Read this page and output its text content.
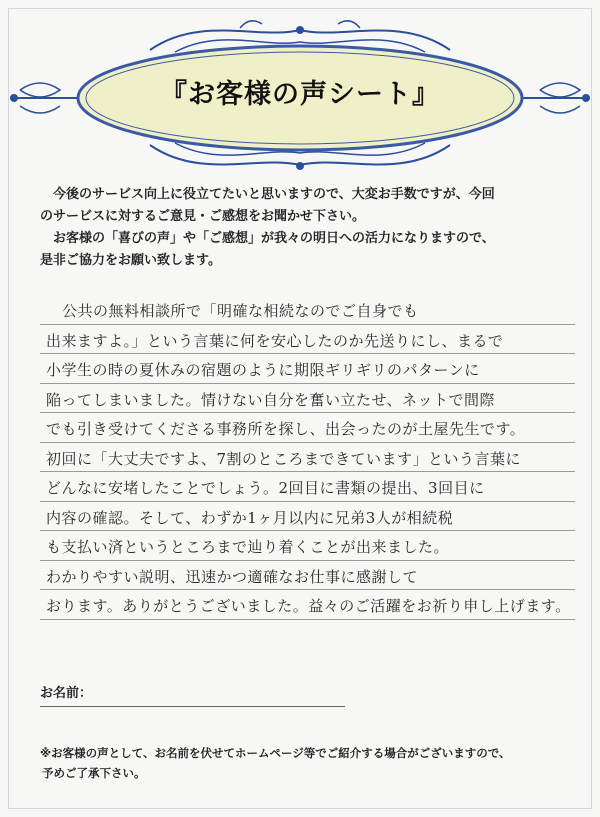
『お客様の声シート』

今後のサービス向上に役立てたいと思いますので、大変お手数ですが、今回

のサービスに対するご意見・ご感想をお聞かせ下さい。

お客様の「喜びの声」や「ご感想」が我々の明日への活力になりますので、

是非ご協力をお願い致します。

公共の無料相談所で「明確な相続なのでご自身でも
出来ますよ。」という言葉に何を安心したのか先送りにし、まるで
小学生の時の夏休みの宿題のように期限ギリギリのパターンに
陥ってしまいました。情けない自分を奮い立たせ、ネットで間際
でも引き受けてくださる事務所を探し、出会ったのが土屋先生です。
初回に「大丈夫ですよ、7割のところまできています」という言葉に
どんなに安堵したことでしょう。2回目に書類の提出、3回目に
内容の確認。そして、わずか1ヶ月以内に兄弟3人が相続税
も支払い済というところまで辿り着くことが出来ました。
わかりやすい説明、迅速かつ適確なお仕事に感謝して
おります。ありがとうございました。益々のご活躍をお祈り申し上げます。
お名前：

※お客様の声として、お名前を伏せてホームページ等でご紹介する場合がございますので、

予めご了承下さい。
